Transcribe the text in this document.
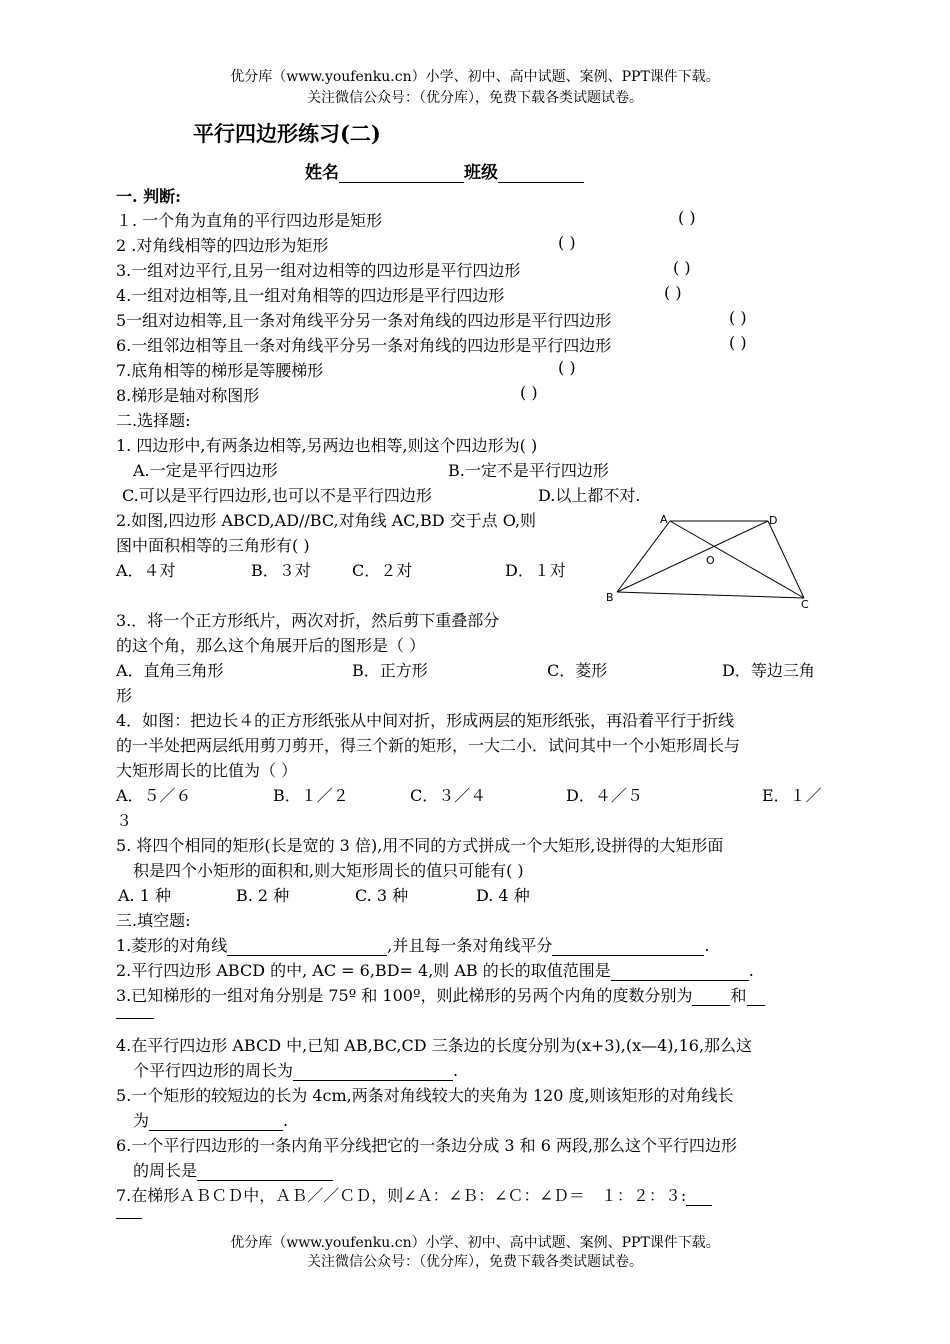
优分库（www.youfenku.cn）小学、初中、高中试题、案例、PPT课件下载。
关注微信公众号：（优分库），免费下载各类试题试卷。
平行四边形练习(二)
姓名	班级
一. 判断:
１. 一个角为直角的平行四边形是矩形	( )
2 .对角线相等的四边形为矩形	( )
3.一组对边平行,且另一组对边相等的四边形是平行四边形	( )
4.一组对边相等,且一组对角相等的四边形是平行四边形	( )
5一组对边相等,且一条对角线平分另一条对角线的四边形是平行四边形	( )
6.一组邻边相等且一条对角线平分另一条对角线的四边形是平行四边形	( )
7.底角相等的梯形是等腰梯形	( )
8.梯形是轴对称图形	( )
二.选择题:
1. 四边形中,有两条边相等,另两边也相等,则这个四边形为( )
A.一定是平行四边形	B.一定不是平行四边形
C.可以是平行四边形,也可以不是平行四边形	D.以上都不对.
2.如图,四边形 ABCD,AD//BC,对角线 AC,BD 交于点 O,则
图中面积相等的三角形有( )
A．４对	B．３对	C．２对	D．１对
A	D
B
C
O
3.．将一个正方形纸片，两次对折，然后剪下重叠部分
的这个角，那么这个角展开后的图形是（ ）
A．直角三角形	B．正方形	C．菱形	D．等边三角
形
4．如图：把边长４的正方形纸张从中间对折，形成两层的矩形纸张，再沿着平行于折线
的一半处把两层纸用剪刀剪开，得三个新的矩形，一大二小．试问其中一个小矩形周长与
大矩形周长的比值为（ ）
A．５／６	B．１／２	C．３／４	D．４／５	E．１／
３
5. 将四个相同的矩形(长是宽的 3 倍),用不同的方式拼成一个大矩形,设拼得的大矩形面
积是四个小矩形的面积和,则大矩形周长的值只可能有( )
A. 1 种	B. 2 种	C. 3 种	D. 4 种
三.填空题:
1.菱形的对角线	,并且每一条对角线平分	.
2.平行四边形 ABCD 的中, AC = 6,BD= 4,则 AB 的长的取值范围是	.
3.已知梯形的一组对角分别是 75º 和 100º，则此梯形的另两个内角的度数分别为 和
4.在平行四边形 ABCD 中,已知 AB,BC,CD 三条边的长度分别为(x+3),(x—4),16,那么这
个平行四边形的周长为	.
5.一个矩形的较短边的长为 4cm,两条对角线较大的夹角为 120 度,则该矩形的对角线长
为	.
6.一个平行四边形的一条内角平分线把它的一条边分成 3 和 6 两段,那么这个平行四边形
的周长是
7.在梯形ＡＢＣＤ中，ＡＢ／／ＣＤ，则∠Ａ：∠Ｂ：∠Ｃ：∠Ｄ＝　１：２：３:
优分库（www.youfenku.cn）小学、初中、高中试题、案例、PPT课件下载。
关注微信公众号：（优分库），免费下载各类试题试卷。
